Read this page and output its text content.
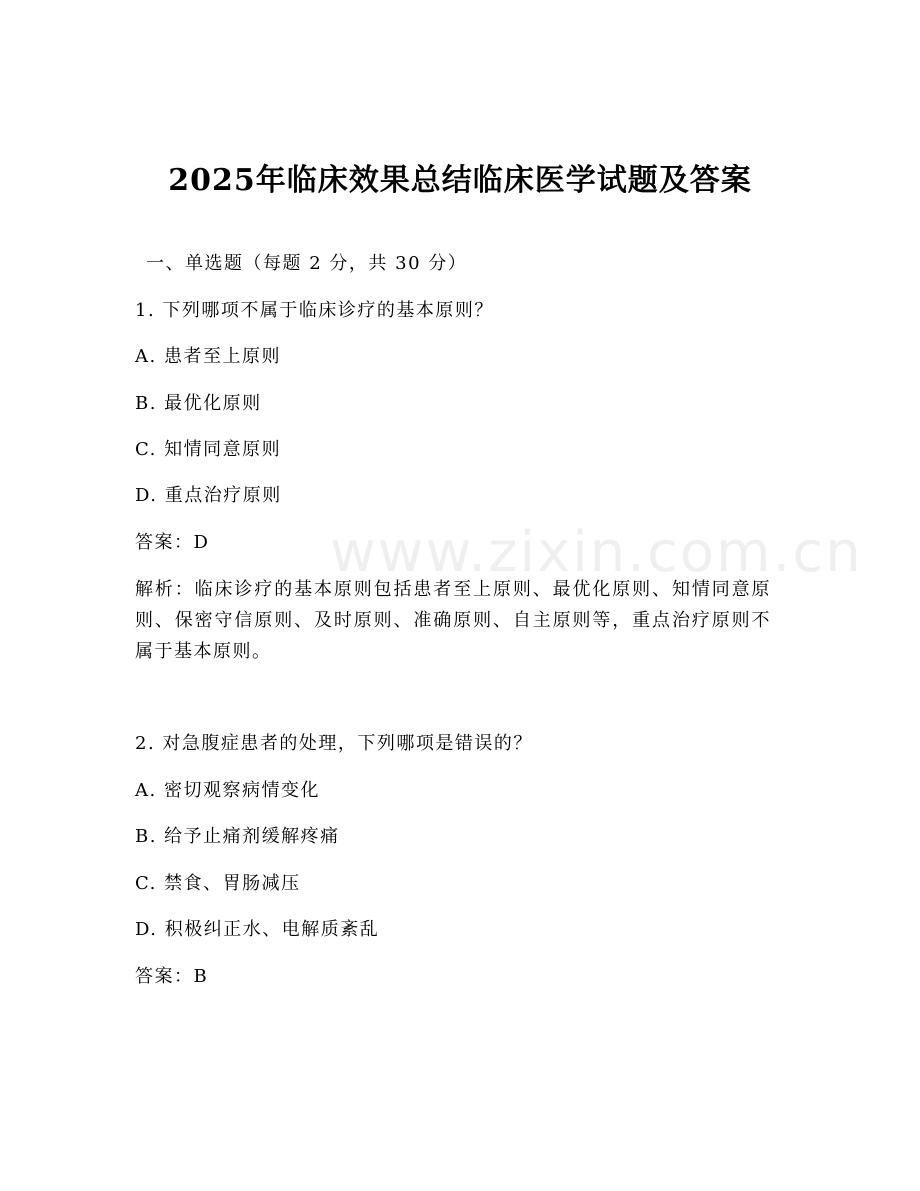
www.zixin.com.cn
2025年临床效果总结临床医学试题及答案
一、单选题（每题 2 分，共 30 分）
1. 下列哪项不属于临床诊疗的基本原则？
A. 患者至上原则
B. 最优化原则
C. 知情同意原则
D. 重点治疗原则
答案：D
解析：临床诊疗的基本原则包括患者至上原则、最优化原则、知情同意原则、保密守信原则、及时原则、准确原则、自主原则等，重点治疗原则不属于基本原则。
2. 对急腹症患者的处理，下列哪项是错误的？
A. 密切观察病情变化
B. 给予止痛剂缓解疼痛
C. 禁食、胃肠减压
D. 积极纠正水、电解质紊乱
答案：B
